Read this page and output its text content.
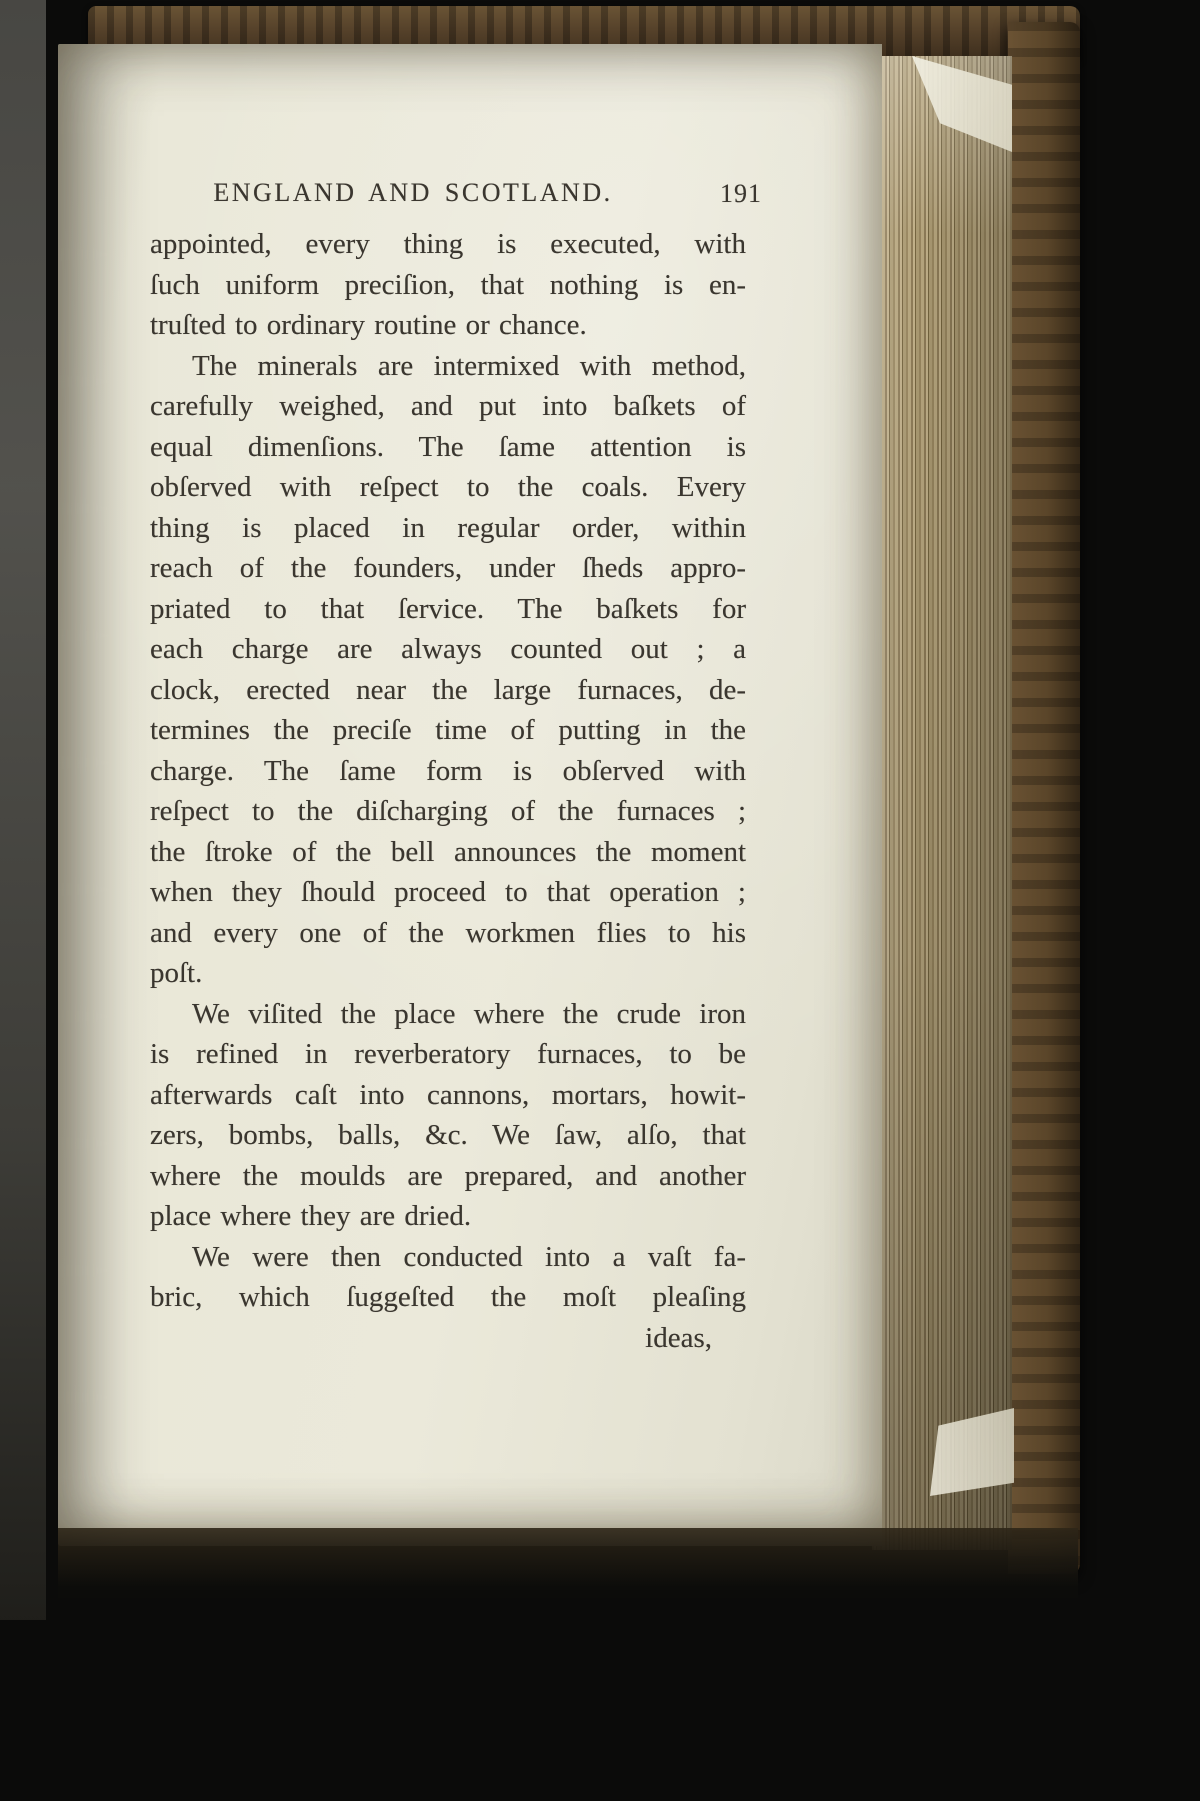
ENGLAND AND SCOTLAND.	191
appointed, every thing is executed, with
ſuch uniform preciſion, that nothing is en-
truſted to ordinary routine or chance.
The minerals are intermixed with method,
carefully weighed, and put into baſkets of
equal dimenſions. The ſame attention is
obſerved with reſpect to the coals. Every
thing is placed in regular order, within
reach of the founders, under ſheds appro-
priated to that ſervice. The baſkets for
each charge are always counted out ; a
clock, erected near the large furnaces, de-
termines the preciſe time of putting in the
charge. The ſame form is obſerved with
reſpect to the diſcharging of the furnaces ;
the ſtroke of the bell announces the moment
when they ſhould proceed to that operation ;
and every one of the workmen flies to his
poſt.
We viſited the place where the crude iron
is refined in reverberatory furnaces, to be
afterwards caſt into cannons, mortars, howit-
zers, bombs, balls, &c. We ſaw, alſo, that
where the moulds are prepared, and another
place where they are dried.
We were then conducted into a vaſt fa-
bric, which ſuggeſted the moſt pleaſing
ideas,
